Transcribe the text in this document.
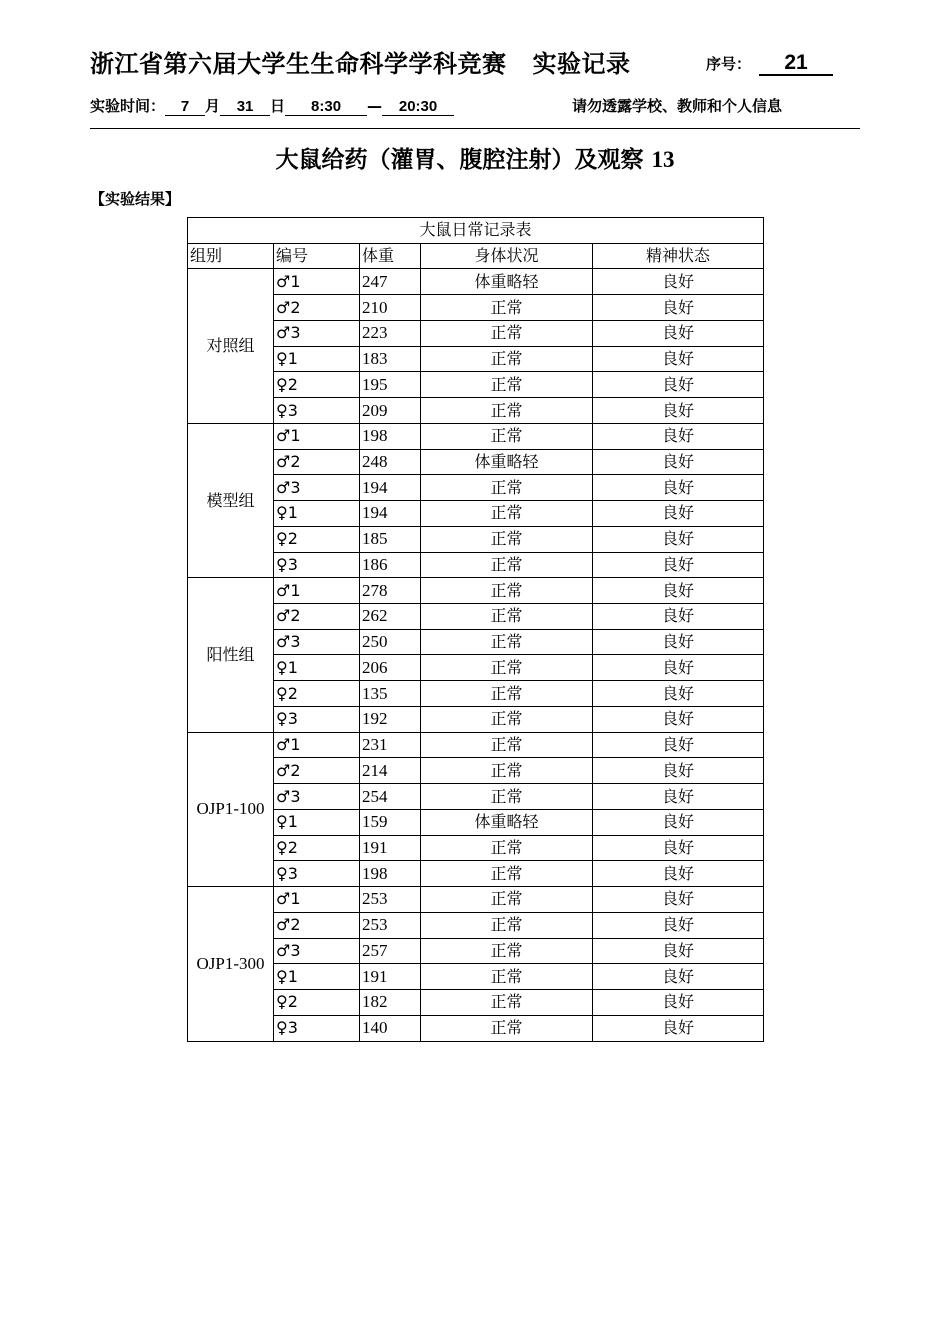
浙江省第六届大学生生命科学学科竞赛 实验记录	序号： 21
实验时间： 7 月 31 日 8:30 — 20:30	请勿透露学校、教师和个人信息
大鼠给药（灌胃、腹腔注射）及观察 13
【实验结果】
大鼠日常记录表				
组别	编号	体重	身体状况	精神状态
对照组	♂1	247	体重略轻	良好
	♂2	210	正常	良好
	♂3	223	正常	良好
	♀1	183	正常	良好
	♀2	195	正常	良好
	♀3	209	正常	良好
模型组	♂1	198	正常	良好
	♂2	248	体重略轻	良好
	♂3	194	正常	良好
	♀1	194	正常	良好
	♀2	185	正常	良好
	♀3	186	正常	良好
阳性组	♂1	278	正常	良好
	♂2	262	正常	良好
	♂3	250	正常	良好
	♀1	206	正常	良好
	♀2	135	正常	良好
	♀3	192	正常	良好
OJP1-100	♂1	231	正常	良好
	♂2	214	正常	良好
	♂3	254	正常	良好
	♀1	159	体重略轻	良好
	♀2	191	正常	良好
	♀3	198	正常	良好
OJP1-300	♂1	253	正常	良好
	♂2	253	正常	良好
	♂3	257	正常	良好
	♀1	191	正常	良好
	♀2	182	正常	良好
	♀3	140	正常	良好
